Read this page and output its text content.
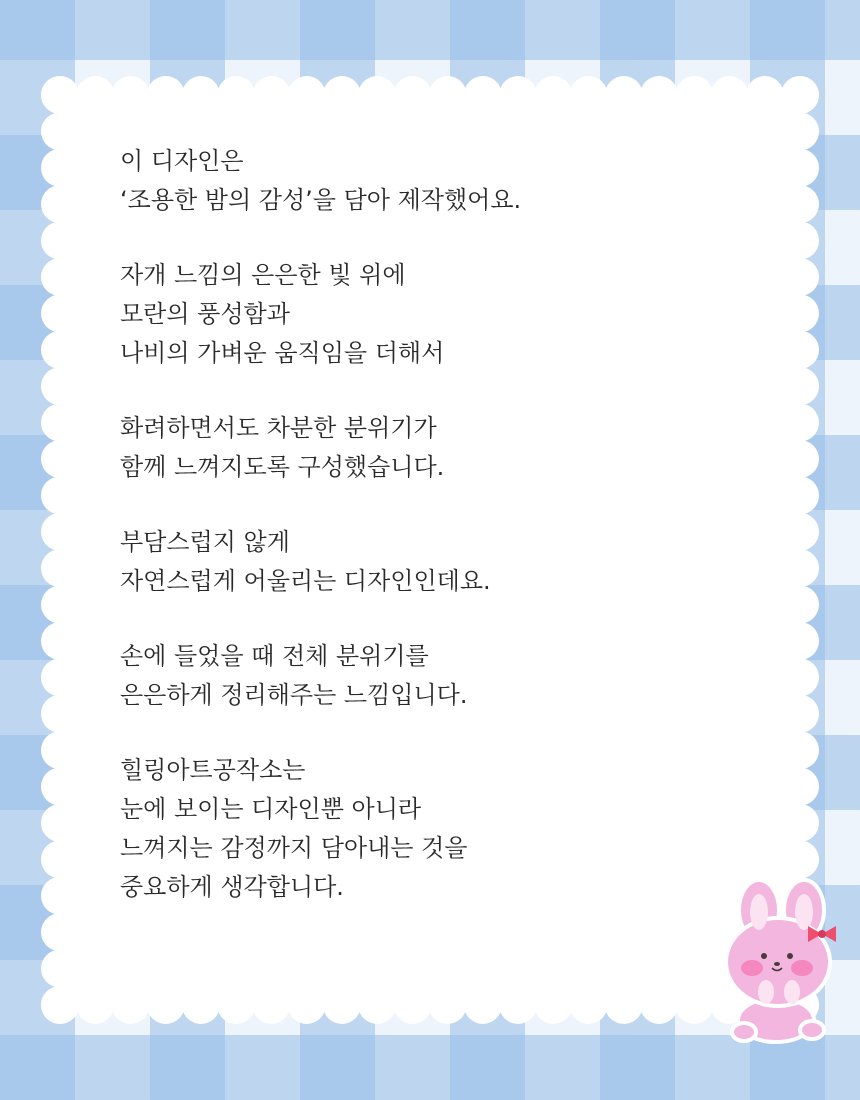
이 디자인은
‘조용한 밤의 감성’을 담아 제작했어요.

자개 느낌의 은은한 빛 위에
모란의 풍성함과
나비의 가벼운 움직임을 더해서

화려하면서도 차분한 분위기가
함께 느껴지도록 구성했습니다.

부담스럽지 않게
자연스럽게 어울리는 디자인인데요.

손에 들었을 때 전체 분위기를
은은하게 정리해주는 느낌입니다.

힐링아트공작소는
눈에 보이는 디자인뿐 아니라
느껴지는 감정까지 담아내는 것을
중요하게 생각합니다.
